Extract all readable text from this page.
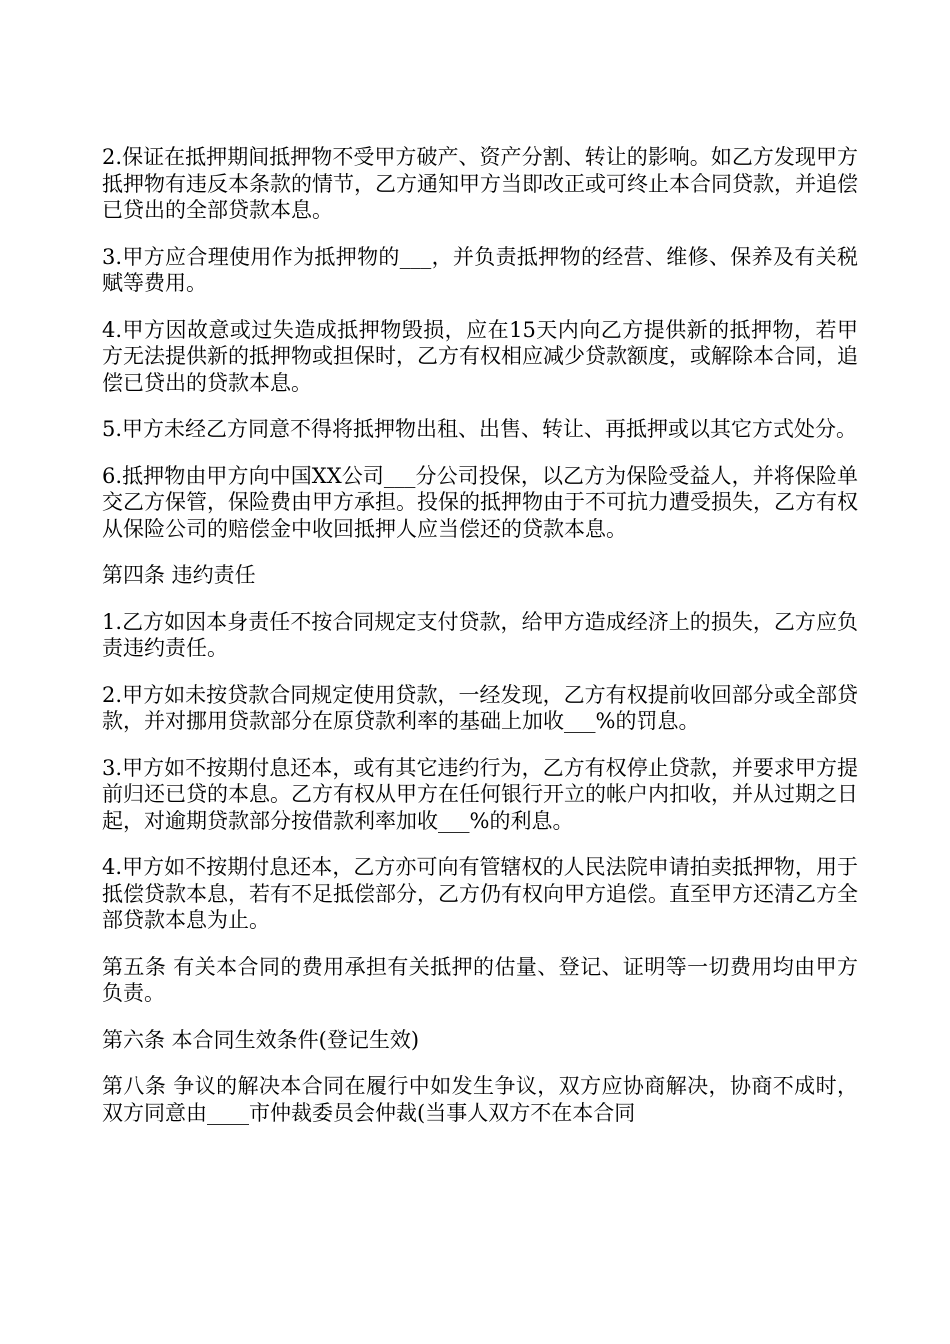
2.保证在抵押期间抵押物不受甲方破产、资产分割、转让的影响。如乙方发现甲方抵押物有违反本条款的情节，乙方通知甲方当即改正或可终止本合同贷款，并追偿已贷出的全部贷款本息。

3.甲方应合理使用作为抵押物的___，并负责抵押物的经营、维修、保养及有关税赋等费用。

4.甲方因故意或过失造成抵押物毁损，应在15天内向乙方提供新的抵押物，若甲方无法提供新的抵押物或担保时，乙方有权相应减少贷款额度，或解除本合同，追偿已贷出的贷款本息。

5.甲方未经乙方同意不得将抵押物出租、出售、转让、再抵押或以其它方式处分。

6.抵押物由甲方向中国XX公司___分公司投保，以乙方为保险受益人，并将保险单交乙方保管，保险费由甲方承担。投保的抵押物由于不可抗力遭受损失，乙方有权从保险公司的赔偿金中收回抵押人应当偿还的贷款本息。

第四条 违约责任

1.乙方如因本身责任不按合同规定支付贷款，给甲方造成经济上的损失，乙方应负责违约责任。

2.甲方如未按贷款合同规定使用贷款，一经发现，乙方有权提前收回部分或全部贷款，并对挪用贷款部分在原贷款利率的基础上加收___%的罚息。

3.甲方如不按期付息还本，或有其它违约行为，乙方有权停止贷款，并要求甲方提前归还已贷的本息。乙方有权从甲方在任何银行开立的帐户内扣收，并从过期之日起，对逾期贷款部分按借款利率加收___%的利息。

4.甲方如不按期付息还本，乙方亦可向有管辖权的人民法院申请拍卖抵押物，用于抵偿贷款本息，若有不足抵偿部分，乙方仍有权向甲方追偿。直至甲方还清乙方全部贷款本息为止。

第五条 有关本合同的费用承担有关抵押的估量、登记、证明等一切费用均由甲方负责。

第六条 本合同生效条件(登记生效)

第八条 争议的解决本合同在履行中如发生争议，双方应协商解决，协商不成时，双方同意由____市仲裁委员会仲裁(当事人双方不在本合同
